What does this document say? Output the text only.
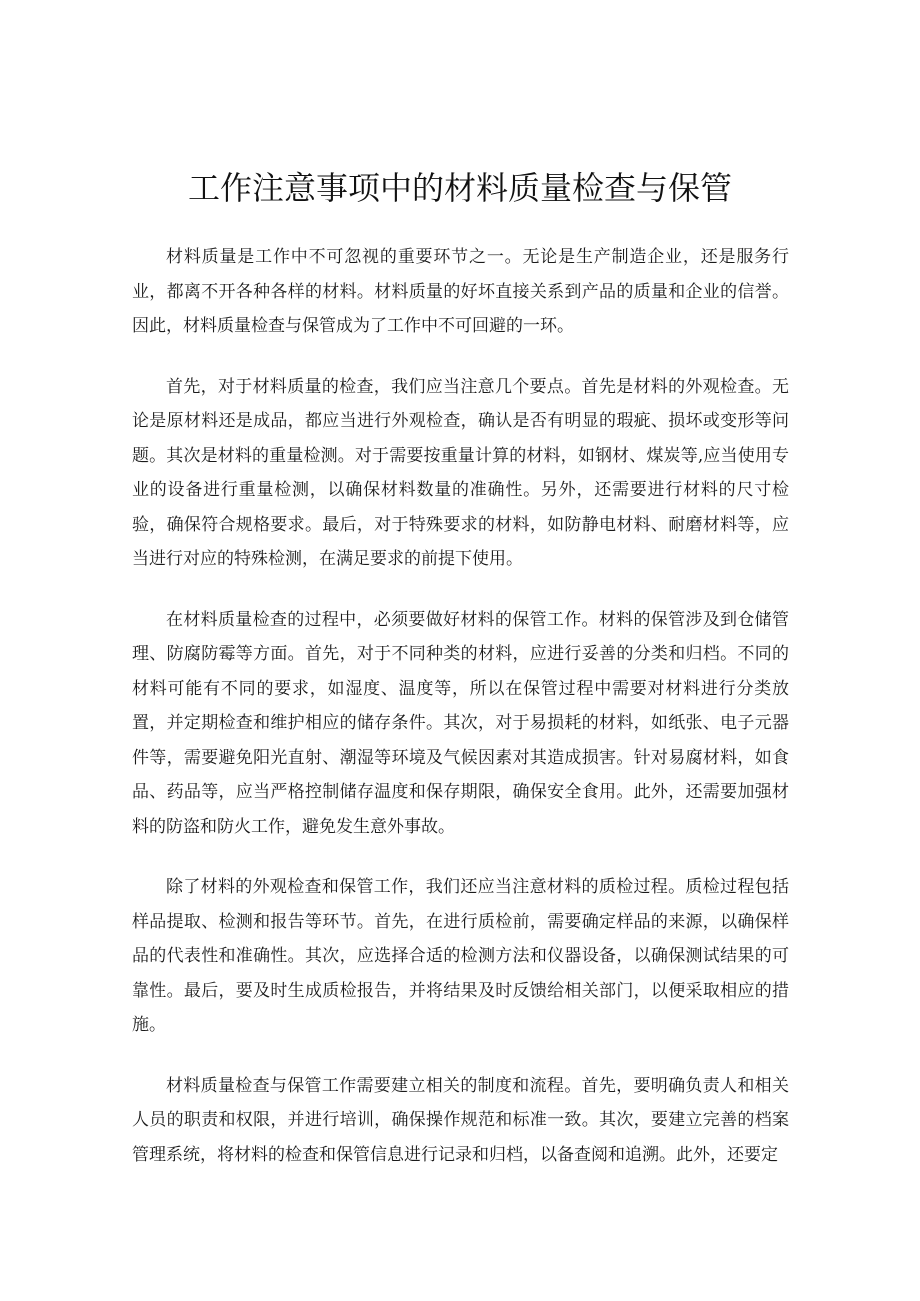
工作注意事项中的材料质量检查与保管

材料质量是工作中不可忽视的重要环节之一。无论是生产制造企业，还是服务行业，都离不开各种各样的材料。材料质量的好坏直接关系到产品的质量和企业的信誉。因此，材料质量检查与保管成为了工作中不可回避的一环。

首先，对于材料质量的检查，我们应当注意几个要点。首先是材料的外观检查。无论是原材料还是成品，都应当进行外观检查，确认是否有明显的瑕疵、损坏或变形等问题。其次是材料的重量检测。对于需要按重量计算的材料，如钢材、煤炭等,应当使用专业的设备进行重量检测，以确保材料数量的准确性。另外，还需要进行材料的尺寸检验，确保符合规格要求。最后，对于特殊要求的材料，如防静电材料、耐磨材料等，应当进行对应的特殊检测，在满足要求的前提下使用。

在材料质量检查的过程中，必须要做好材料的保管工作。材料的保管涉及到仓储管理、防腐防霉等方面。首先，对于不同种类的材料，应进行妥善的分类和归档。不同的材料可能有不同的要求，如湿度、温度等，所以在保管过程中需要对材料进行分类放置，并定期检查和维护相应的储存条件。其次，对于易损耗的材料，如纸张、电子元器件等，需要避免阳光直射、潮湿等环境及气候因素对其造成损害。针对易腐材料，如食品、药品等，应当严格控制储存温度和保存期限，确保安全食用。此外，还需要加强材料的防盗和防火工作，避免发生意外事故。

除了材料的外观检查和保管工作，我们还应当注意材料的质检过程。质检过程包括样品提取、检测和报告等环节。首先，在进行质检前，需要确定样品的来源，以确保样品的代表性和准确性。其次，应选择合适的检测方法和仪器设备，以确保测试结果的可靠性。最后，要及时生成质检报告，并将结果及时反馈给相关部门，以便采取相应的措施。

材料质量检查与保管工作需要建立相关的制度和流程。首先，要明确负责人和相关人员的职责和权限，并进行培训，确保操作规范和标准一致。其次，要建立完善的档案管理系统，将材料的检查和保管信息进行记录和归档，以备查阅和追溯。此外，还要定
